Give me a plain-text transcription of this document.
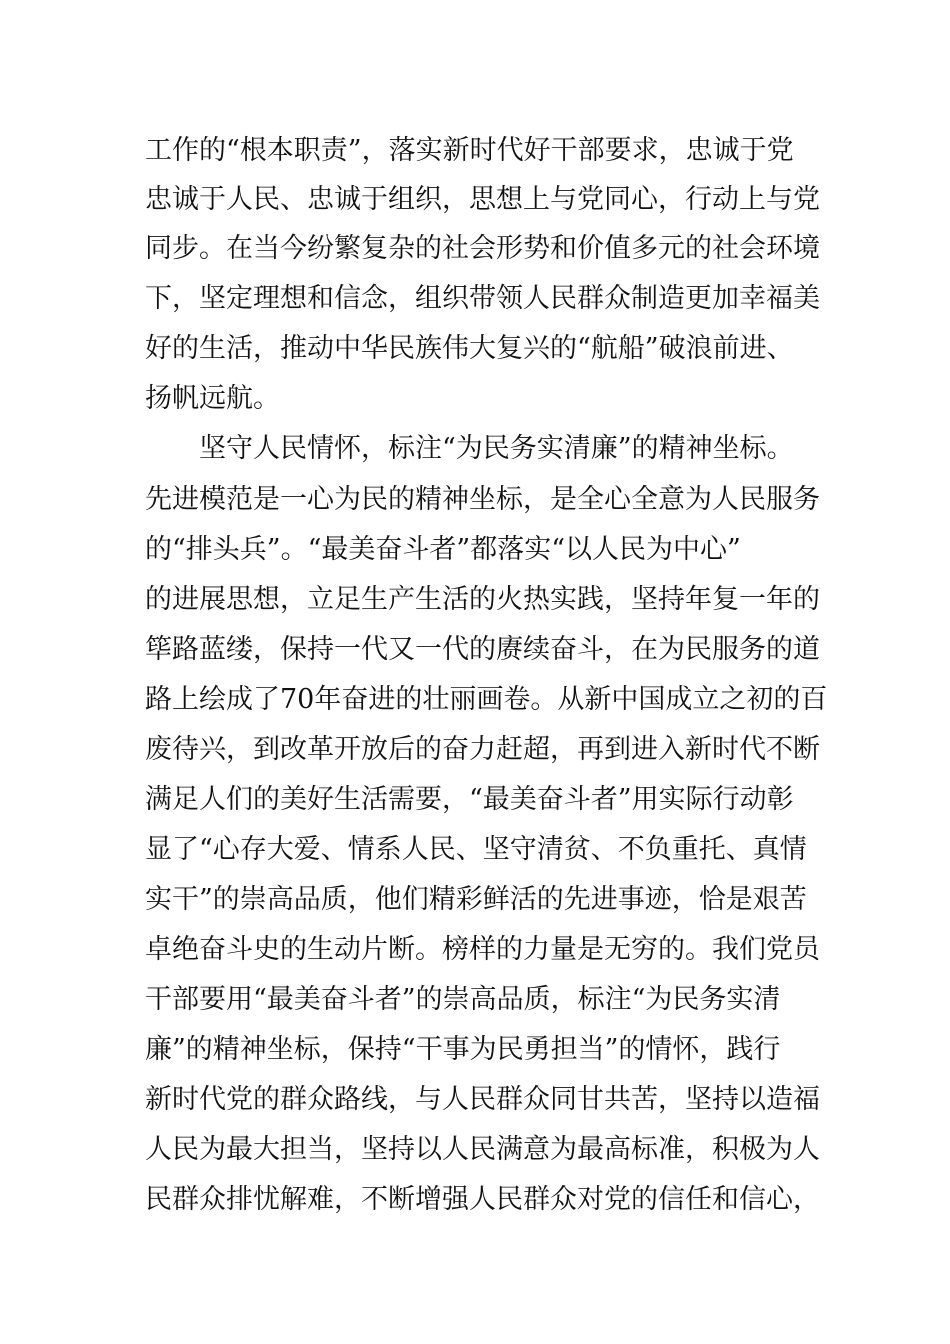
工作的“根本职责”，落实新时代好干部要求，忠诚于党
忠诚于人民、忠诚于组织，思想上与党同心，行动上与党
同步。在当今纷繁复杂的社会形势和价值多元的社会环境
下，坚定理想和信念，组织带领人民群众制造更加幸福美
好的生活，推动中华民族伟大复兴的“航船”破浪前进、
扬帆远航。
坚守人民情怀，标注“为民务实清廉”的精神坐标。
先进模范是一心为民的精神坐标，是全心全意为人民服务
的“排头兵”。“最美奋斗者”都落实“以人民为中心”
的进展思想，立足生产生活的火热实践，坚持年复一年的
筚路蓝缕，保持一代又一代的赓续奋斗，在为民服务的道
路上绘成了70年奋进的壮丽画卷。从新中国成立之初的百
废待兴，到改革开放后的奋力赶超，再到进入新时代不断
满足人们的美好生活需要，“最美奋斗者”用实际行动彰
显了“心存大爱、情系人民、坚守清贫、不负重托、真情
实干”的崇高品质，他们精彩鲜活的先进事迹，恰是艰苦
卓绝奋斗史的生动片断。榜样的力量是无穷的。我们党员
干部要用“最美奋斗者”的崇高品质，标注“为民务实清
廉”的精神坐标，保持“干事为民勇担当”的情怀，践行
新时代党的群众路线，与人民群众同甘共苦，坚持以造福
人民为最大担当，坚持以人民满意为最高标准，积极为人
民群众排忧解难，不断增强人民群众对党的信任和信心，
